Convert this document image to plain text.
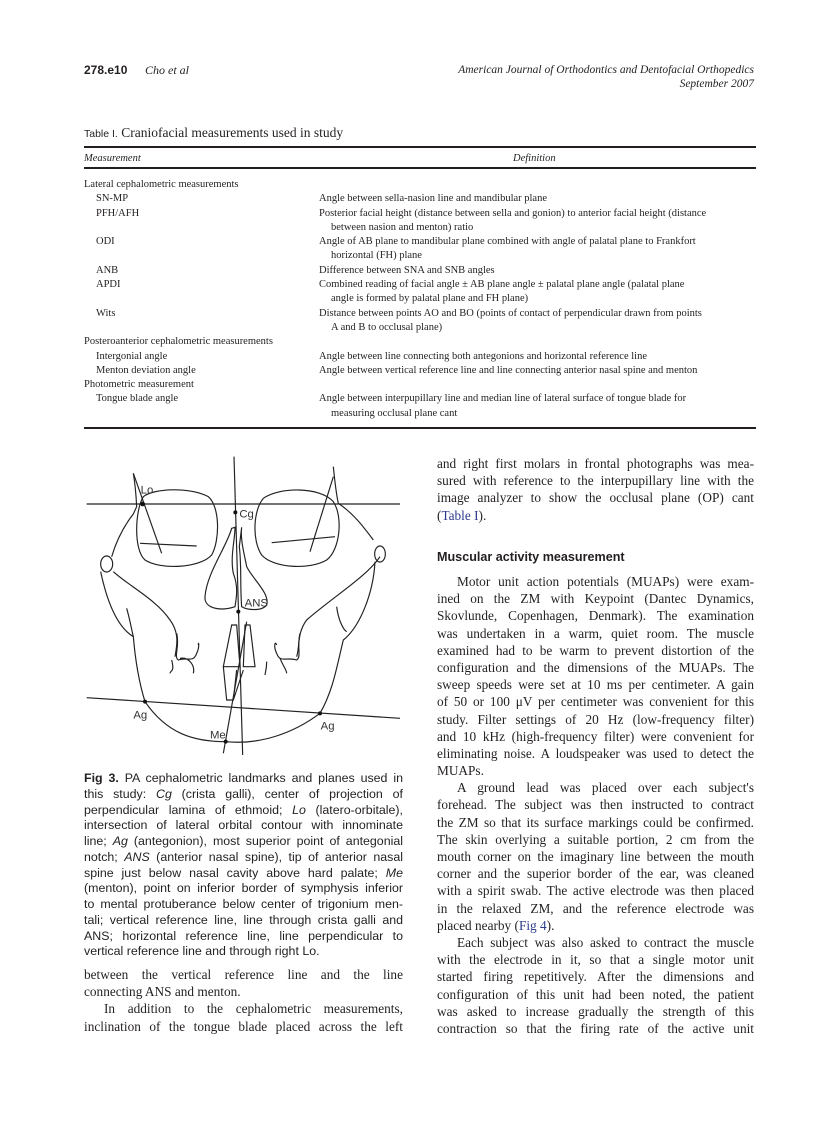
278.e10 Cho et al	American Journal of Orthodontics and Dentofacial Orthopedics
September 2007
Table I. Craniofacial measurements used in study
Measurement	Definition
Lateral cephalometric measurements
SN-MP	Angle between sella-nasion line and mandibular plane
PFH/AFH	Posterior facial height (distance between sella and gonion) to anterior facial height (distance
between nasion and menton) ratio
ODI	Angle of AB plane to mandibular plane combined with angle of palatal plane to Frankfort
horizontal (FH) plane
ANB	Difference between SNA and SNB angles
APDI	Combined reading of facial angle ± AB plane angle ± palatal plane angle (palatal plane
angle is formed by palatal plane and FH plane)
Wits	Distance between points AO and BO (points of contact of perpendicular drawn from points
A and B to occlusal plane)
Posteroanterior cephalometric measurements
Intergonial angle	Angle between line connecting both antegonions and horizontal reference line
Menton deviation angle	Angle between vertical reference line and line connecting anterior nasal spine and menton
Photometric measurement
Tongue blade angle	Angle between interpupillary line and median line of lateral surface of tongue blade for
measuring occlusal plane cant
Lo
Cg
ANS
Ag
Me
Ag
Fig 3. PA cephalometric landmarks and planes used in
this study: Cg (crista galli), center of projection of
perpendicular lamina of ethmoid; Lo (latero-orbitale),
intersection of lateral orbital contour with innominate
line; Ag (antegonion), most superior point of antegonial
notch; ANS (anterior nasal spine), tip of anterior nasal
spine just below nasal cavity above hard palate; Me
(menton), point on inferior border of symphysis inferior
to mental protuberance below center of trigonium men-
tali; vertical reference line, line through crista galli and
ANS; horizontal reference line, line perpendicular to
vertical reference line and through right Lo.
between the vertical reference line and the line
connecting ANS and menton.
In addition to the cephalometric measurements,
inclination of the tongue blade placed across the left
and right first molars in frontal photographs was mea-
sured with reference to the interpupillary line with the
image analyzer to show the occlusal plane (OP) cant
(Table I).
Muscular activity measurement
Motor unit action potentials (MUAPs) were exam-
ined on the ZM with Keypoint (Dantec Dynamics,
Skovlunde, Copenhagen, Denmark). The examination
was undertaken in a warm, quiet room. The muscle
examined had to be warm to prevent distortion of the
configuration and the dimensions of the MUAPs. The
sweep speeds were set at 10 ms per centimeter. A gain
of 50 or 100 μV per centimeter was convenient for this
study. Filter settings of 20 Hz (low-frequency filter)
and 10 kHz (high-frequency filter) were convenient for
eliminating noise. A loudspeaker was used to detect the
MUAPs.
A ground lead was placed over each subject's
forehead. The subject was then instructed to contract
the ZM so that its surface markings could be confirmed.
The skin overlying a suitable portion, 2 cm from the
mouth corner on the imaginary line between the mouth
corner and the superior border of the ear, was cleaned
with a spirit swab. The active electrode was then placed
in the relaxed ZM, and the reference electrode was
placed nearby (Fig 4).
Each subject was also asked to contract the muscle
with the electrode in it, so that a single motor unit
started firing repetitively. After the dimensions and
configuration of this unit had been noted, the patient
was asked to increase gradually the strength of this
contraction so that the firing rate of the active unit
